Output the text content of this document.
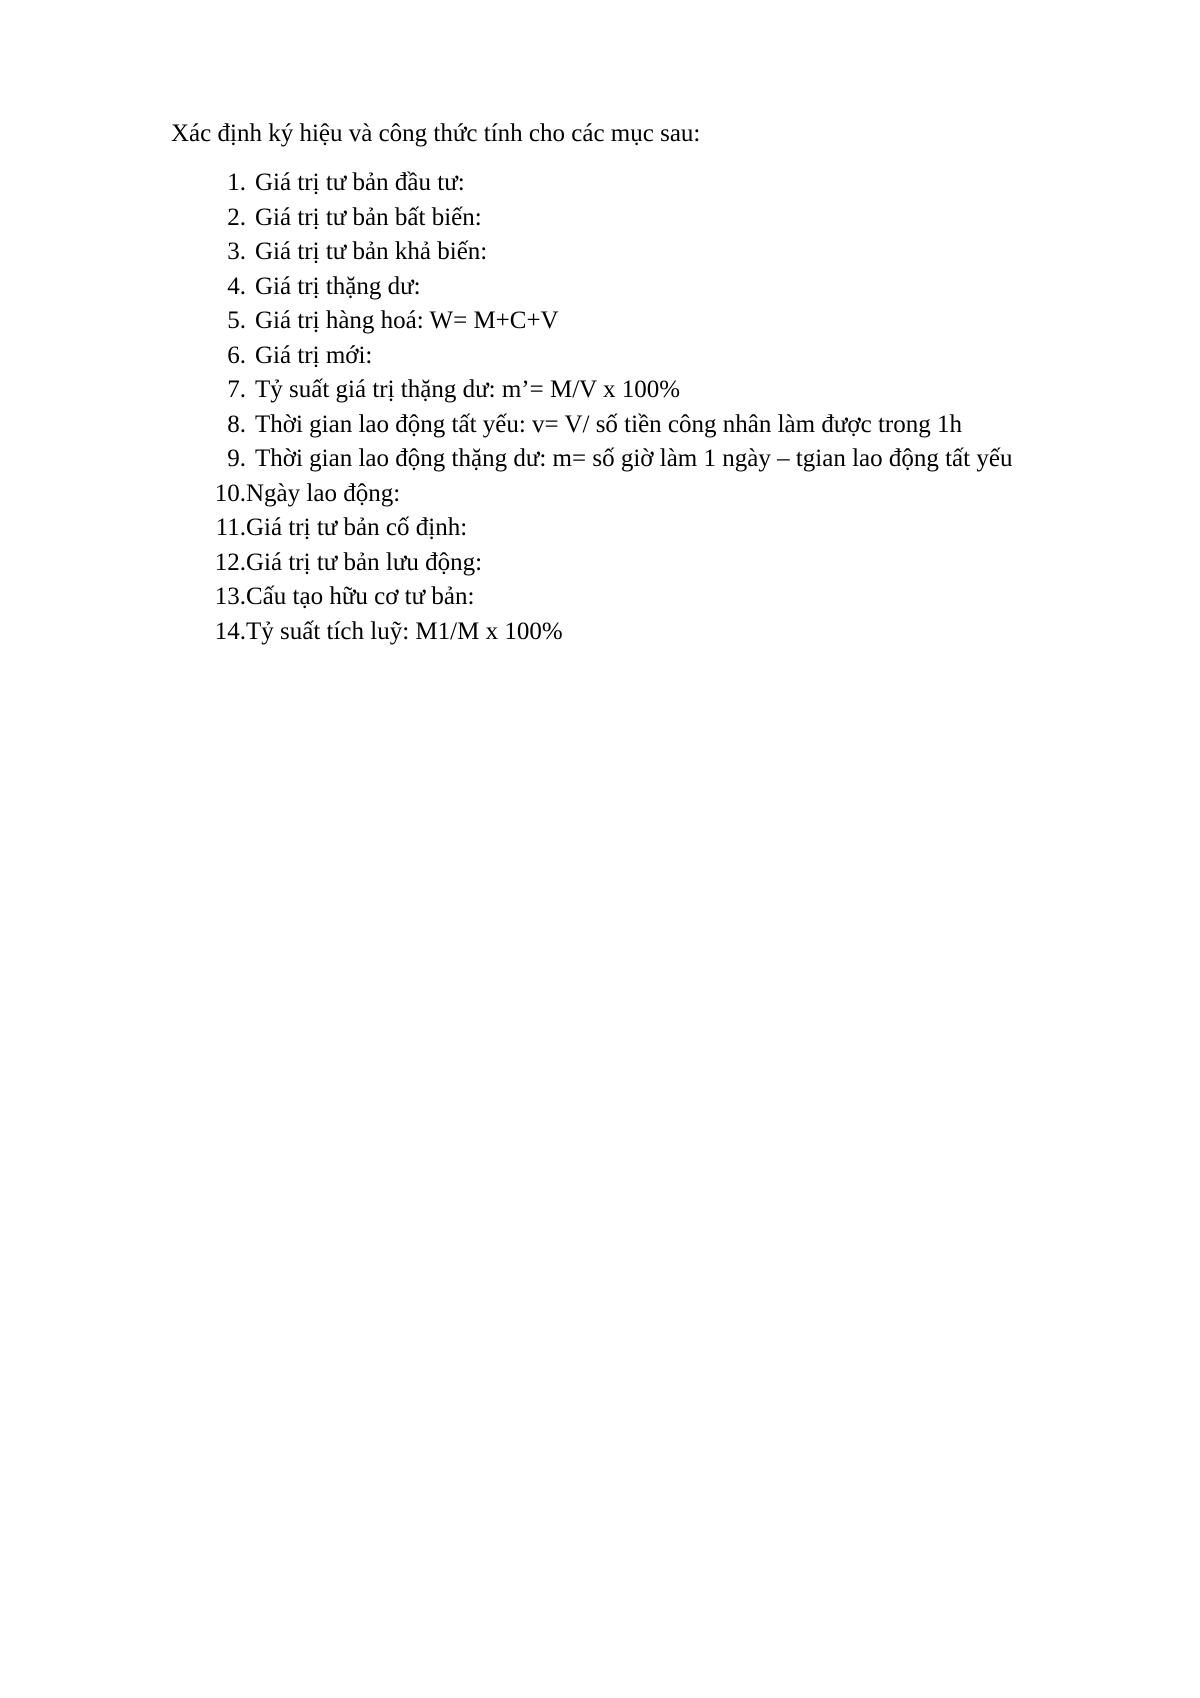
Xác định ký hiệu và công thức tính cho các mục sau:
1. Giá trị tư bản đầu tư:
2. Giá trị tư bản bất biến:
3. Giá trị tư bản khả biến:
4. Giá trị thặng dư:
5. Giá trị hàng hoá: W= M+C+V
6. Giá trị mới:
7. Tỷ suất giá trị thặng dư: m’= M/V x 100%
8. Thời gian lao động tất yếu: v= V/ số tiền công nhân làm được trong 1h
9. Thời gian lao động thặng dư: m= số giờ làm 1 ngày – tgian lao động tất yếu
10. Ngày lao động:
11. Giá trị tư bản cố định:
12. Giá trị tư bản lưu động:
13. Cấu tạo hữu cơ tư bản:
14. Tỷ suất tích luỹ: M1/M x 100%
